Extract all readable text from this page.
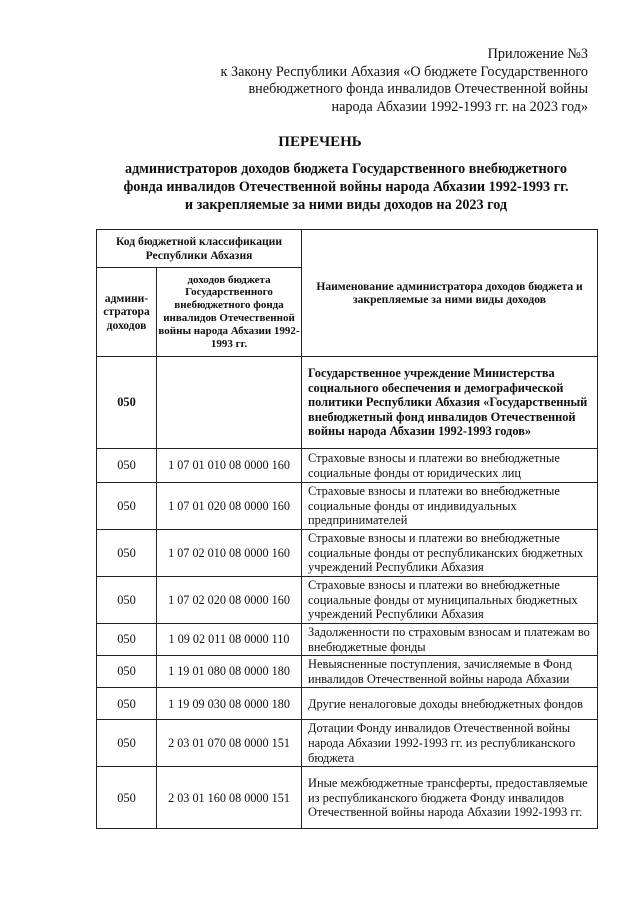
Приложение №3
к Закону Республики Абхазия «О бюджете Государственного
внебюджетного фонда инвалидов Отечественной войны
народа Абхазии 1992-1993 гг. на 2023 год»
ПЕРЕЧЕНЬ
администраторов доходов бюджета Государственного внебюджетного
фонда инвалидов Отечественной войны народа Абхазии 1992-1993 гг.
и закрепляемые за ними виды доходов на 2023 год
Код бюджетной классификации Республики Абхазия		Наименование администратора доходов бюджета и закрепляемые за ними виды доходов
админи-стратора доходов	доходов бюджета Государственного внебюджетного фонда инвалидов Отечественной войны народа Абхазии 1992-1993 гг.	
050		Государственное учреждение Министерства социального обеспечения и демографической политики Республики Абхазия «Государственный внебюджетный фонд инвалидов Отечественной войны народа Абхазии 1992-1993 годов»
050	1 07 01 010 08 0000 160	Страховые взносы и платежи во внебюджетные социальные фонды от юридических лиц
050	1 07 01 020 08 0000 160	Страховые взносы и платежи во внебюджетные социальные фонды от индивидуальных предпринимателей
050	1 07 02 010 08 0000 160	Страховые взносы и платежи во внебюджетные социальные фонды от республиканских бюджетных учреждений Республики Абхазия
050	1 07 02 020 08 0000 160	Страховые взносы и платежи во внебюджетные социальные фонды от муниципальных бюджетных учреждений Республики Абхазия
050	1 09 02 011 08 0000 110	Задолженности по страховым взносам и платежам во внебюджетные фонды
050	1 19 01 080 08 0000 180	Невыясненные поступления, зачисляемые в Фонд инвалидов Отечественной войны народа Абхазии
050	1 19 09 030 08 0000 180	Другие неналоговые доходы внебюджетных фондов
050	2 03 01 070 08 0000 151	Дотации Фонду инвалидов Отечественной войны народа Абхазии 1992-1993 гг. из республиканского бюджета
050	2 03 01 160 08 0000 151	Иные межбюджетные трансферты, предоставляемые из республиканского бюджета Фонду инвалидов Отечественной войны народа Абхазии 1992-1993 гг.
